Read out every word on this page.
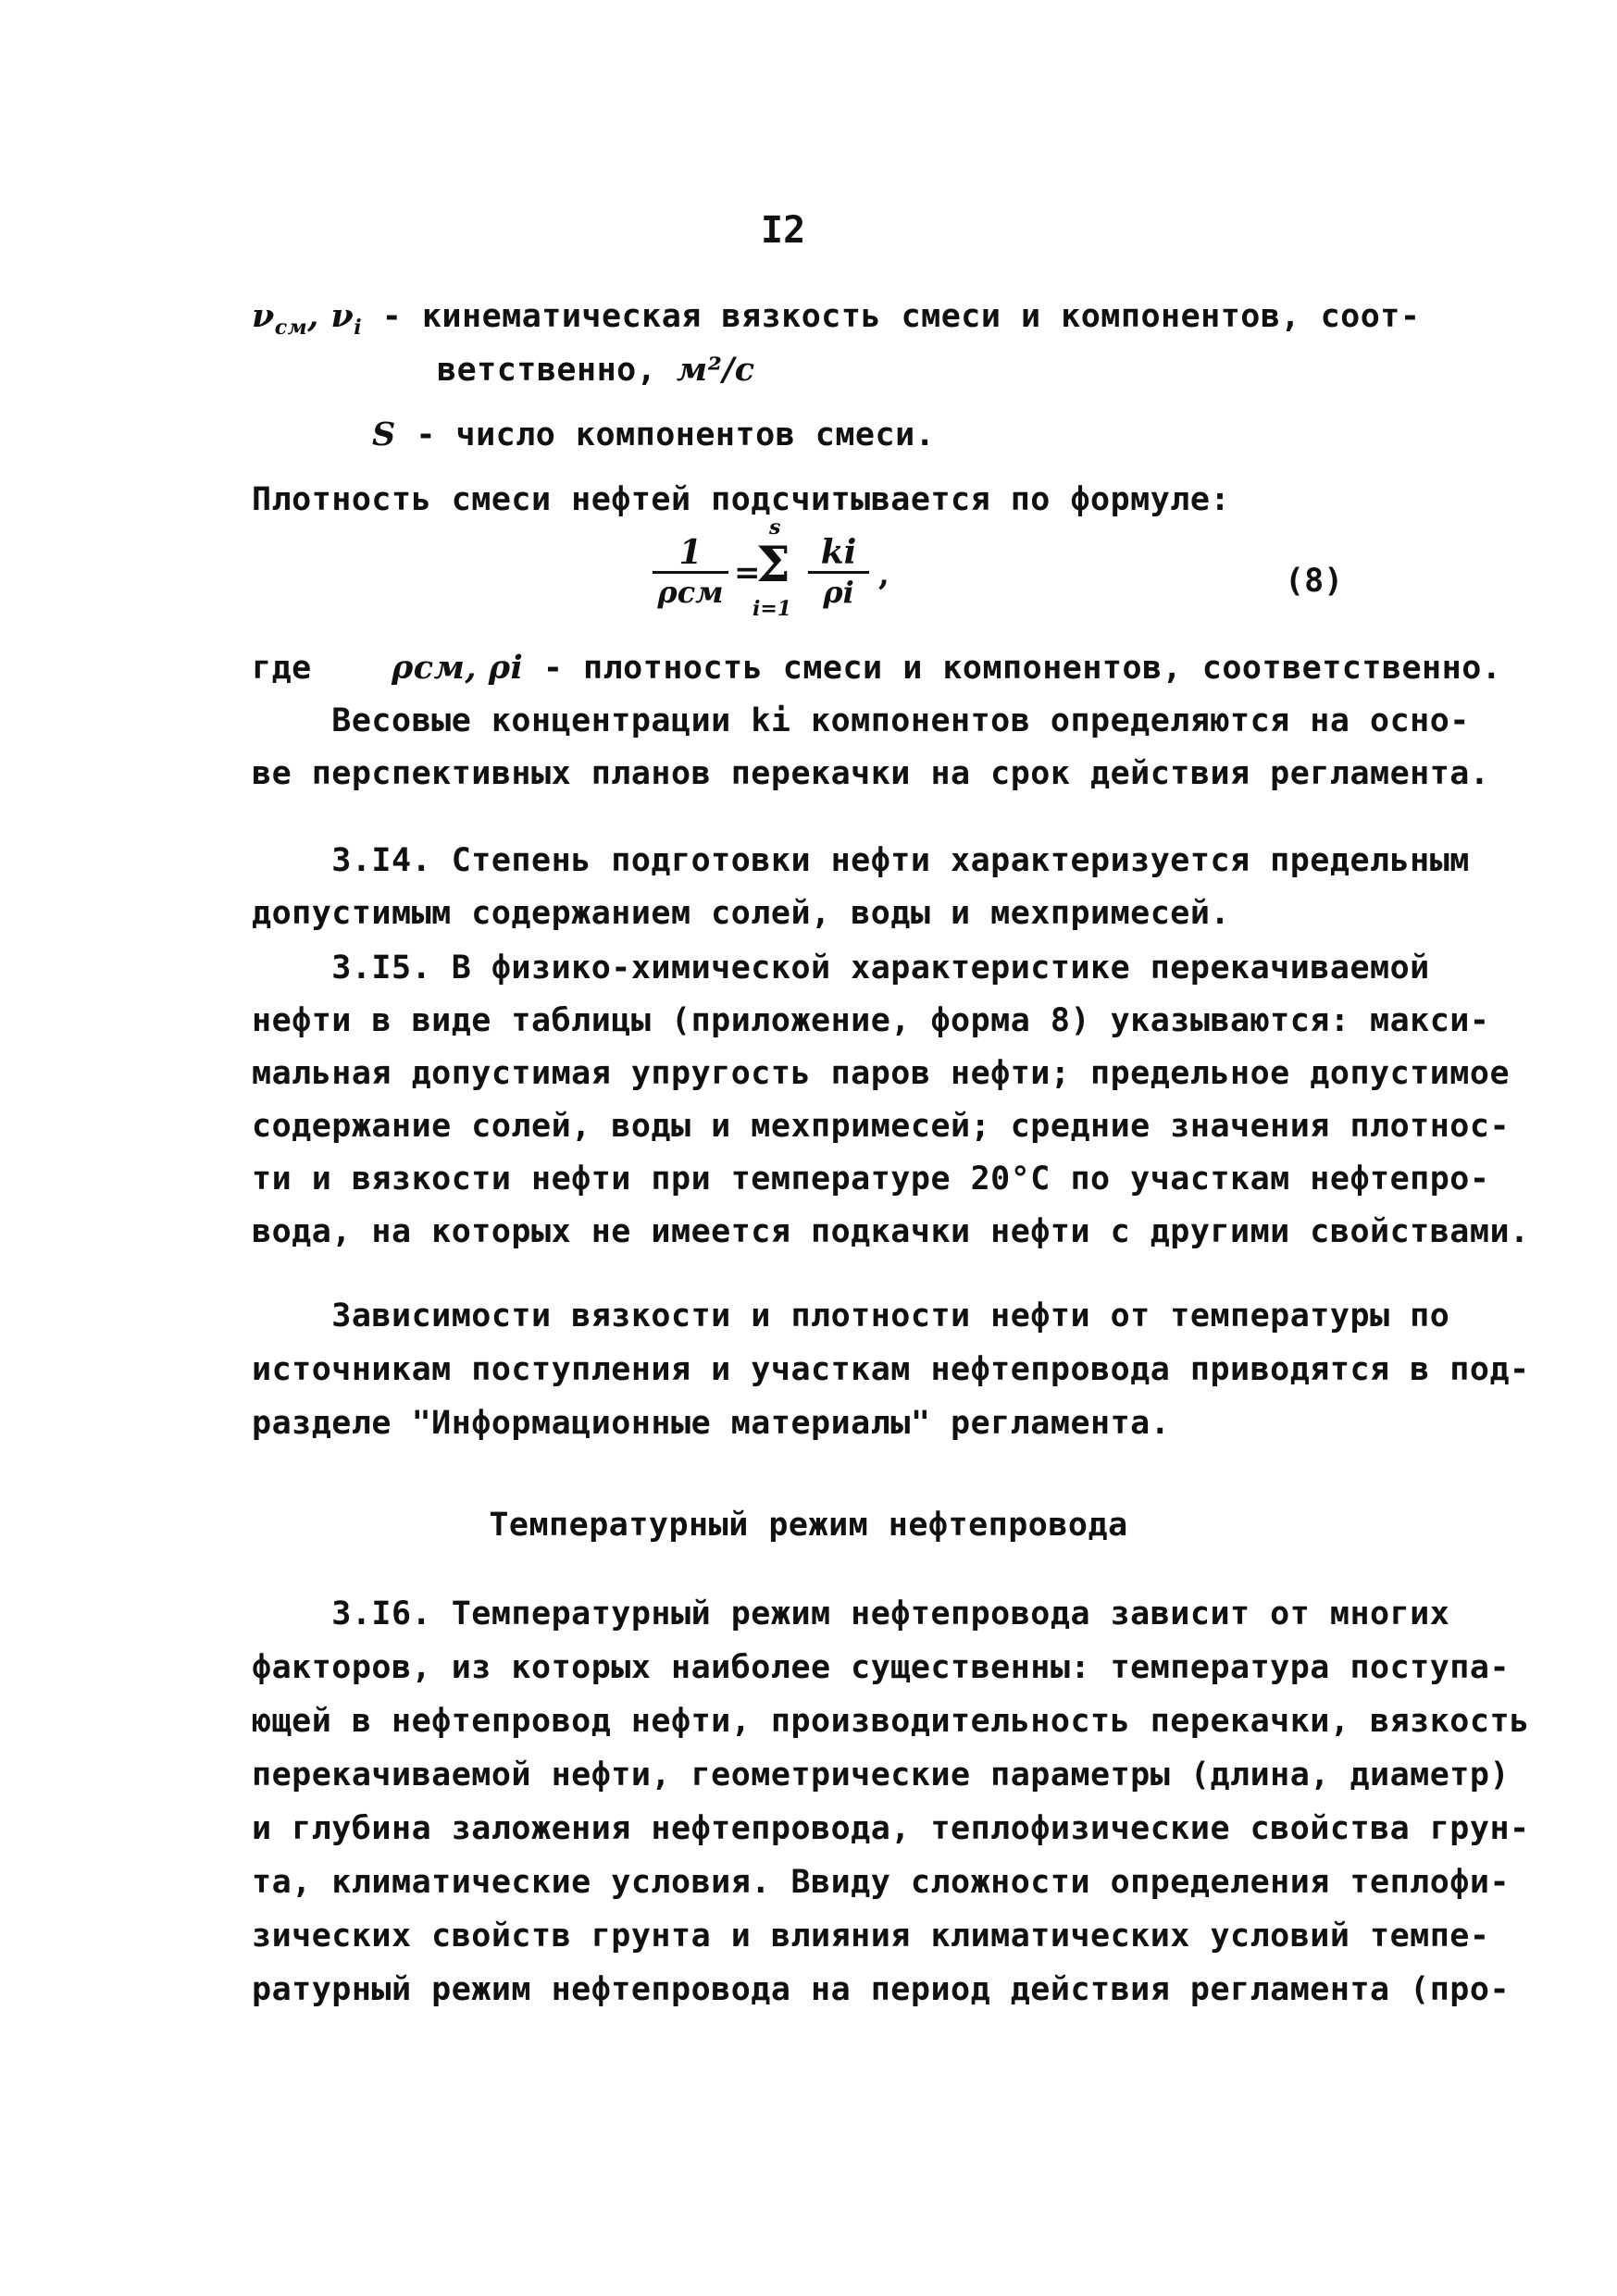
I2
$\nu_{см}$, $\nu_i$ - кинематическая вязкость смеси и компонентов, соот-
ветственно, м²/с
S - число компонентов смеси.
Плотность смеси нефтей подсчитывается по формуле:
1
ρсм
=
s
Σ
$i=1 \frac{ki}{\rho i}$ ,	(8)
где ρсм, ρi - плотность смеси и компонентов, соответственно.
Весовые концентрации ki компонентов определяются на осно-
ве перспективных планов перекачки на срок действия регламента.
3.I4. Степень подготовки нефти характеризуется предельным
допустимым содержанием солей, воды и мехпримесей.
3.I5. В физико-химической характеристике перекачиваемой
нефти в виде таблицы (приложение, форма 8) указываются: макси-
мальная допустимая упругость паров нефти; предельное допустимое
содержание солей, воды и мехпримесей; средние значения плотнос-
ти и вязкости нефти при температуре 20°С по участкам нефтепро-
вода, на которых не имеется подкачки нефти с другими свойствами.
Зависимости вязкости и плотности нефти от температуры по
источникам поступления и участкам нефтепровода приводятся в под-
разделе "Информационные материалы" регламента.
Температурный режим нефтепровода
3.I6. Температурный режим нефтепровода зависит от многих
факторов, из которых наиболее существенны: температура поступа-
ющей в нефтепровод нефти, производительность перекачки, вязкость
перекачиваемой нефти, геометрические параметры (длина, диаметр)
и глубина заложения нефтепровода, теплофизические свойства грун-
та, климатические условия. Ввиду сложности определения теплофи-
зических свойств грунта и влияния климатических условий темпе-
ратурный режим нефтепровода на период действия регламента (про-
